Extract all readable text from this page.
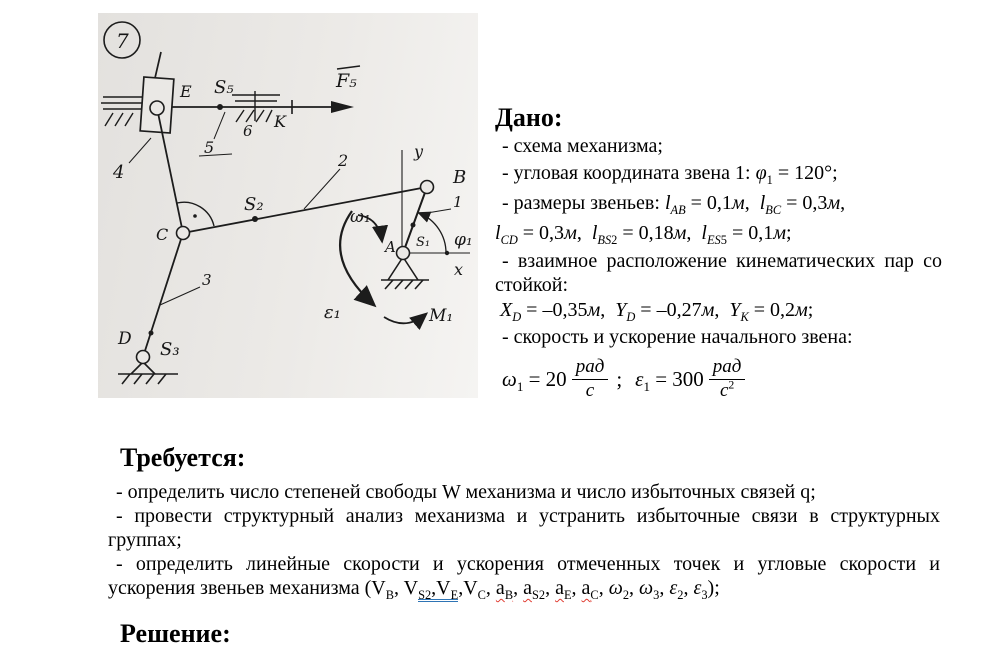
7
E S₅	F₅
K
6
5
4
C
S₂
2
B
у
1
A S₁ φ₁
x
ω₁
ε₁	M₁
D S₃
3
Дано:
- схема механизма;
- угловая координата звена 1: $\varphi_1 = 120^\circ$;
- размеры звеньев: $l_{AB} = 0,1м$,  $l_{BC} = 0,3м$,
$l_{CD} = 0,3м$,  $l_{BS2} = 0,18м$,  $l_{ES5} = 0,1м$;
- взаимное расположение кинематических пар со
стойкой:
$X_D = -0,35м$,  $Y_D = -0,27м$,  $Y_K = 0,2м$;
- скорость и ускорение начального звена:
$\omega_1 = 20 \frac{\text{рад}}{с}$ ; $\varepsilon_1 = 300 \frac{\text{рад}}{с^2}$
Требуется:
- определить число степеней свободы W механизма и число избыточных связей q;
- провести структурный анализ механизма и устранить избыточные связи в структурных
группах;
- определить линейные скорости и ускорения отмеченных точек и угловые скорости и
ускорения звеньев механизма ($V_B$, $V_{S2},V_E,V_C$, $a_B$, $a_{S2}$, $a_E$, $a_C$, $\omega_2$, $\omega_3$, $\varepsilon_2$, $\varepsilon_3$);
Решение:
